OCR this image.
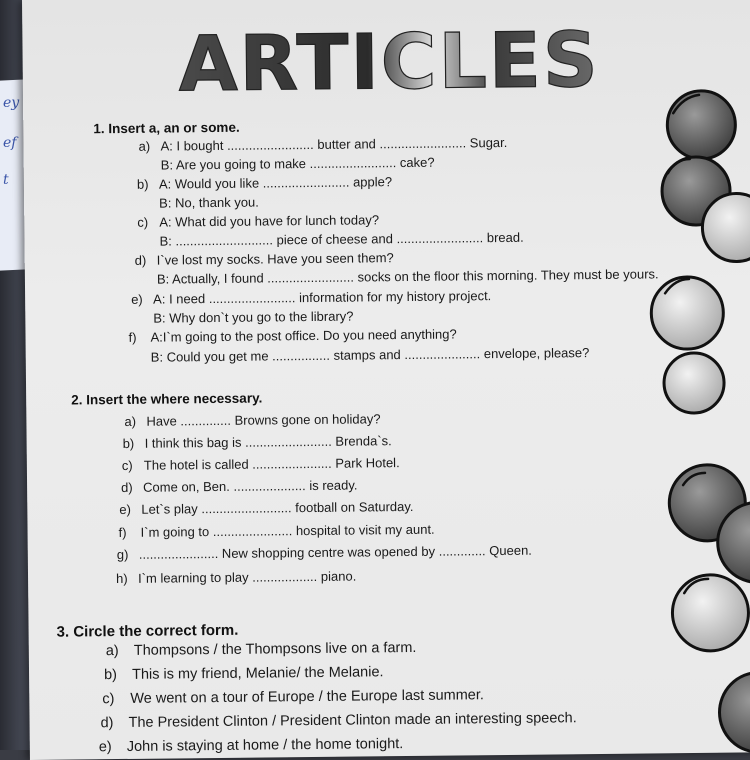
ey
ef
t
ARTICLES
1. Insert a, an or some.
a) A: I bought ........................ butter and ........................ Sugar.
B: Are you going to make ........................ cake?
b) A: Would you like ........................ apple?
B: No, thank you.
c) A: What did you have for lunch today?
B: ........................... piece of cheese and ........................ bread.
d) I`ve lost my socks. Have you seen them?
B: Actually, I found ........................ socks on the floor this morning. They must be yours.
e) A: I need ........................ information for my history project.
B: Why don`t you go to the library?
f) A:I`m going to the post office. Do you need anything?
B: Could you get me ................ stamps and ..................... envelope, please?
2. Insert the where necessary.
a) Have .............. Browns gone on holiday?
b) I think this bag is ........................ Brenda`s.
c) The hotel is called ...................... Park Hotel.
d) Come on, Ben. .................... is ready.
e) Let`s play ......................... football on Saturday.
f) I`m going to ...................... hospital to visit my aunt.
g) ...................... New shopping centre was opened by ............. Queen.
h) I`m learning to play .................. piano.
3. Circle the correct form.
a) Thompsons / the Thompsons live on a farm.
b) This is my friend, Melanie/ the Melanie.
c) We went on a tour of Europe / the Europe last summer.
d) The President Clinton / President Clinton made an interesting speech.
e) John is staying at home / the home tonight.
